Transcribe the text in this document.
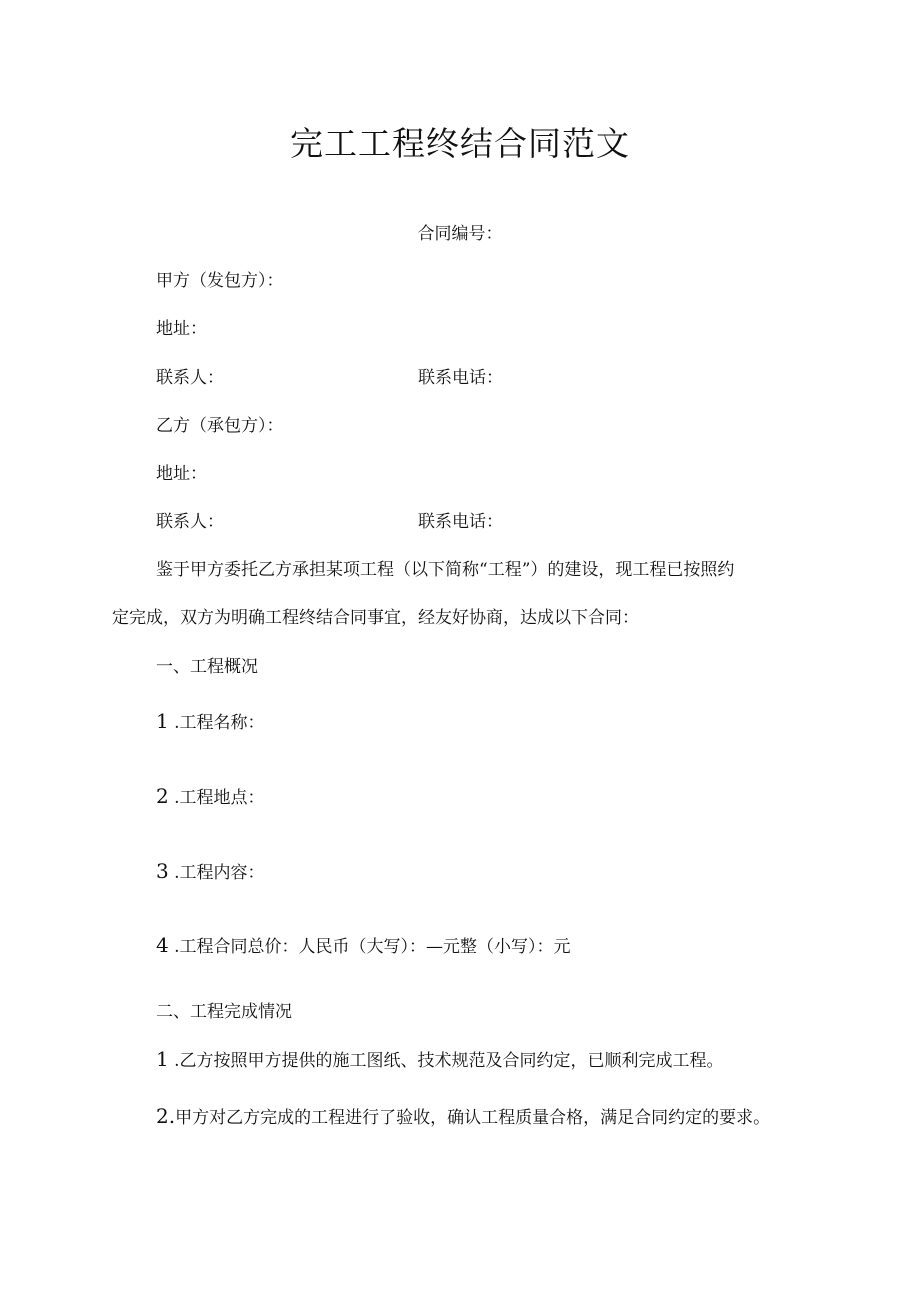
完工工程终结合同范文
合同编号：
甲方（发包方）：
地址：
联系人：	联系电话：
乙方（承包方）：
地址：
联系人：	联系电话：
鉴于甲方委托乙方承担某项工程（以下简称“工程”）的建设，现工程已按照约
定完成，双方为明确工程终结合同事宜，经友好协商，达成以下合同：
一、工程概况
1 .工程名称：
2 .工程地点：
3 .工程内容：
4 .工程合同总价：人民币（大写）：—元整（小写）：元
二、工程完成情况
1 .乙方按照甲方提供的施工图纸、技术规范及合同约定，已顺利完成工程。
2.甲方对乙方完成的工程进行了验收，确认工程质量合格，满足合同约定的要求。
